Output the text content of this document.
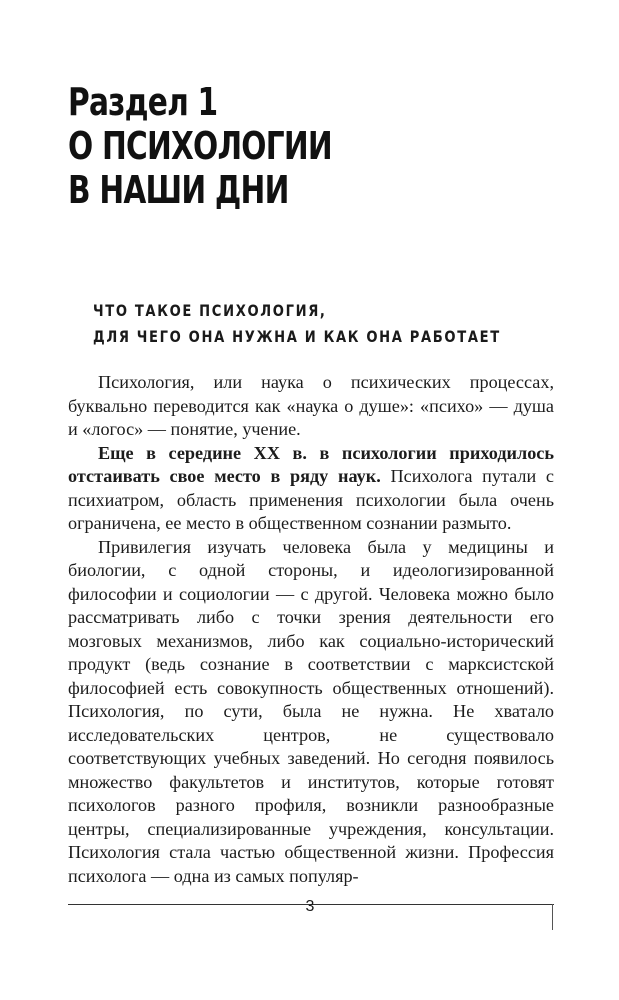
Раздел 1
О ПСИХОЛОГИИ
В НАШИ ДНИ
ЧТО ТАКОЕ ПСИХОЛОГИЯ,
ДЛЯ ЧЕГО ОНА НУЖНА И КАК ОНА РАБОТАЕТ

Психология, или наука о психических процессах, буквально переводится как «наука о душе»: «психо» — душа и «логос» — понятие, учение.

Еще в середине XX в. в психологии приходилось отстаивать свое место в ряду наук. Психолога путали с психиатром, область применения психологии была очень ограничена, ее место в общественном сознании размыто.

Привилегия изучать человека была у медицины и биологии, с одной стороны, и идеологизированной философии и социологии — с другой. Человека можно было рассматривать либо с точки зрения деятельности его мозговых механизмов, либо как социально-исторический продукт (ведь сознание в соответствии с марксистской философией есть совокупность общественных отношений). Психология, по сути, была не нужна. Не хватало исследовательских центров, не существовало соответствующих учебных заведений. Но сегодня появилось множество факультетов и институтов, которые готовят психологов разного профиля, возникли разнообразные центры, специализированные учреждения, консультации. Психология стала частью общественной жизни. Профессия психолога — одна из самых популяр-

3
